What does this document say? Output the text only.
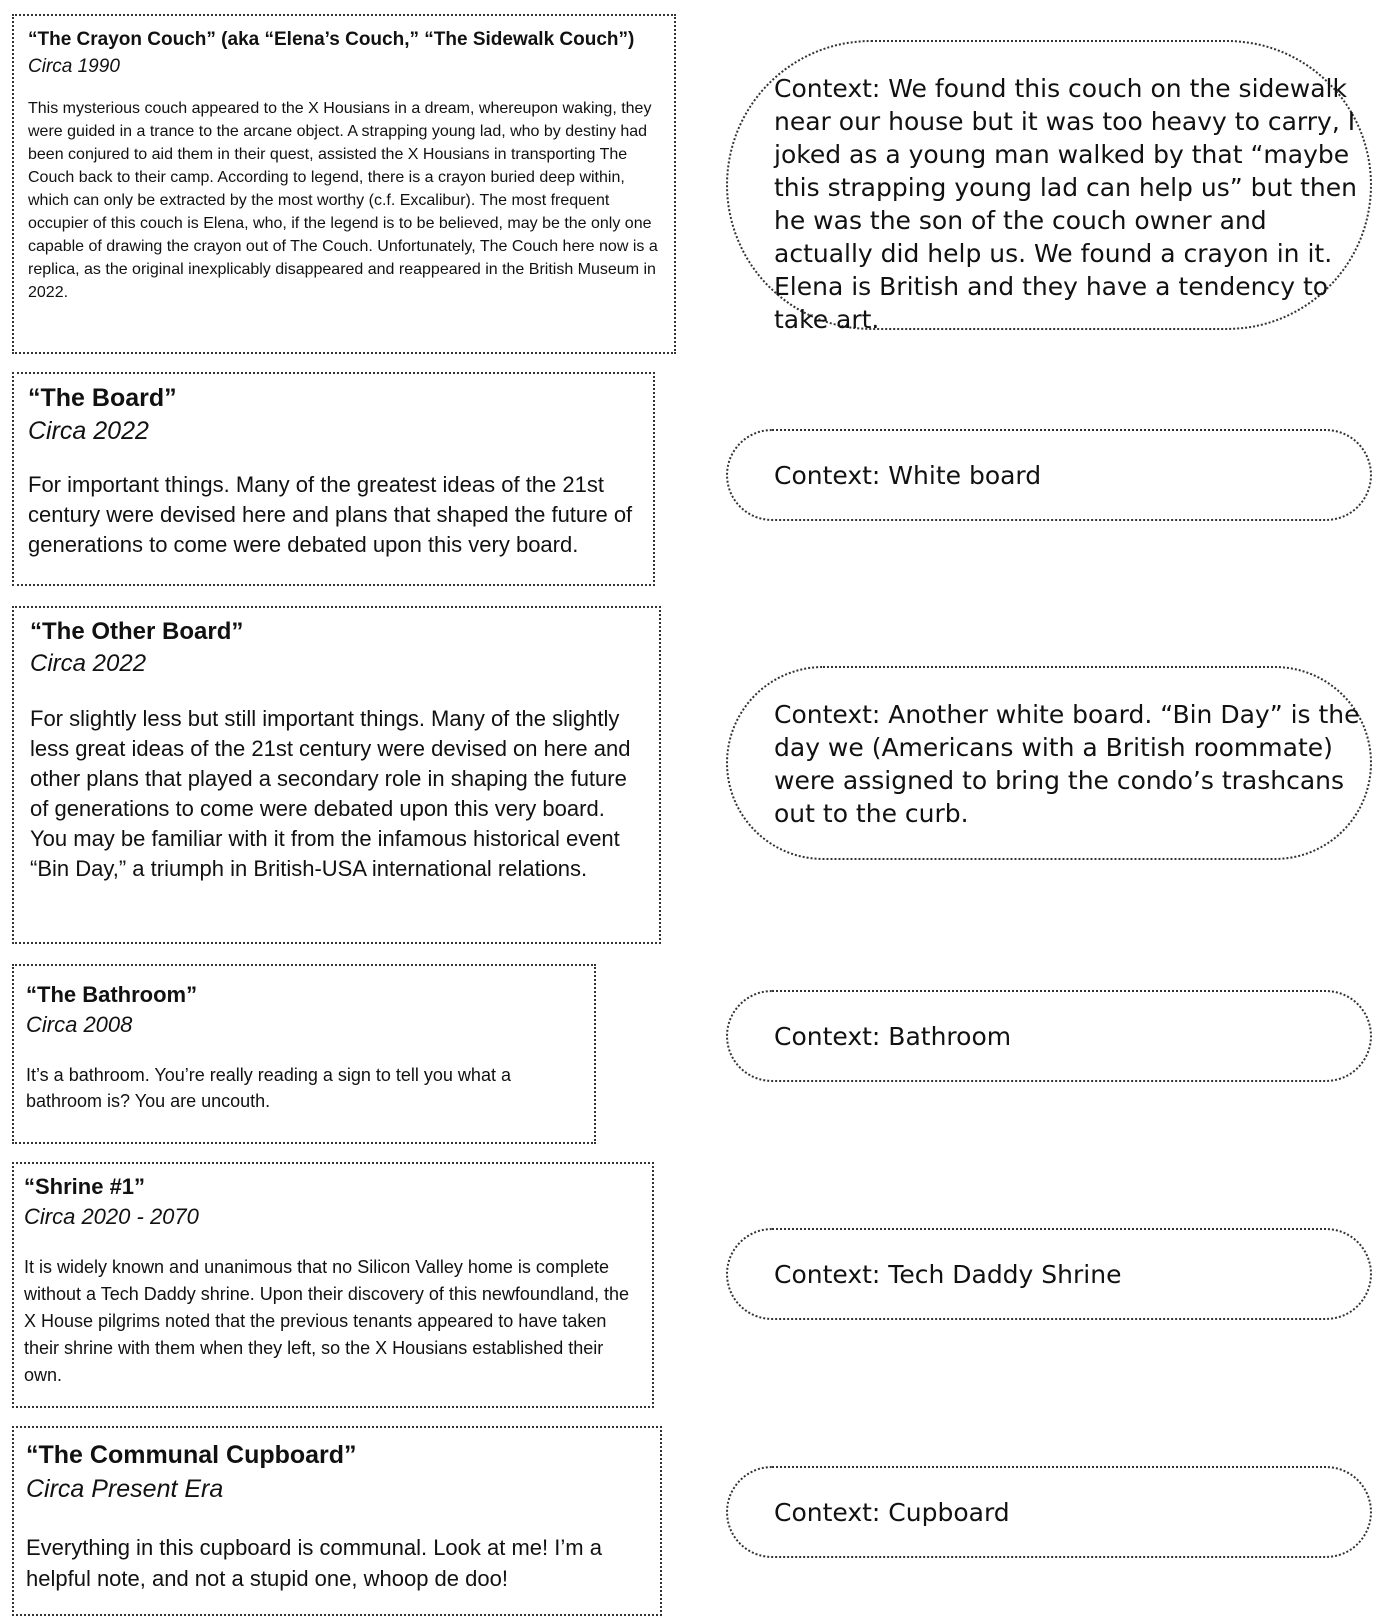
“The Crayon Couch” (aka “Elena’s Couch,” “The Sidewalk Couch”)

Circa 1990

This mysterious couch appeared to the X Housians in a dream, whereupon waking, they were guided in a trance to the arcane object. A strapping young lad, who by destiny had been conjured to aid them in their quest, assisted the X Housians in transporting The Couch back to their camp. According to legend, there is a crayon buried deep within, which can only be extracted by the most worthy (c.f. Excalibur). The most frequent occupier of this couch is Elena, who, if the legend is to be believed, may be the only one capable of drawing the crayon out of The Couch. Unfortunately, The Couch here now is a replica, as the original inexplicably disappeared and reappeared in the British Museum in 2022.

Context: We found this couch on the sidewalk near our house but it was too heavy to carry, I joked as a young man walked by that “maybe this strapping young lad can help us” but then he was the son of the couch owner and actually did help us. We found a crayon in it. Elena is British and they have a tendency to take art.

“The Board”

Circa 2022

For important things. Many of the greatest ideas of the 21st century were devised here and plans that shaped the future of generations to come were debated upon this very board.

Context: White board

“The Other Board”

Circa 2022

For slightly less but still important things. Many of the slightly less great ideas of the 21st century were devised on here and other plans that played a secondary role in shaping the future of generations to come were debated upon this very board. You may be familiar with it from the infamous historical event “Bin Day,” a triumph in British-USA international relations.

Context: Another white board. “Bin Day” is the day we (Americans with a British roommate) were assigned to bring the condo’s trashcans out to the curb.

“The Bathroom”

Circa 2008

It’s a bathroom. You’re really reading a sign to tell you what a bathroom is? You are uncouth.

Context: Bathroom

“Shrine #1”

Circa 2020 - 2070

It is widely known and unanimous that no Silicon Valley home is complete without a Tech Daddy shrine. Upon their discovery of this newfoundland, the X House pilgrims noted that the previous tenants appeared to have taken their shrine with them when they left, so the X Housians established their own.

Context: Tech Daddy Shrine

“The Communal Cupboard”

Circa Present Era

Everything in this cupboard is communal. Look at me! I’m a helpful note, and not a stupid one, whoop de doo!

Context: Cupboard
